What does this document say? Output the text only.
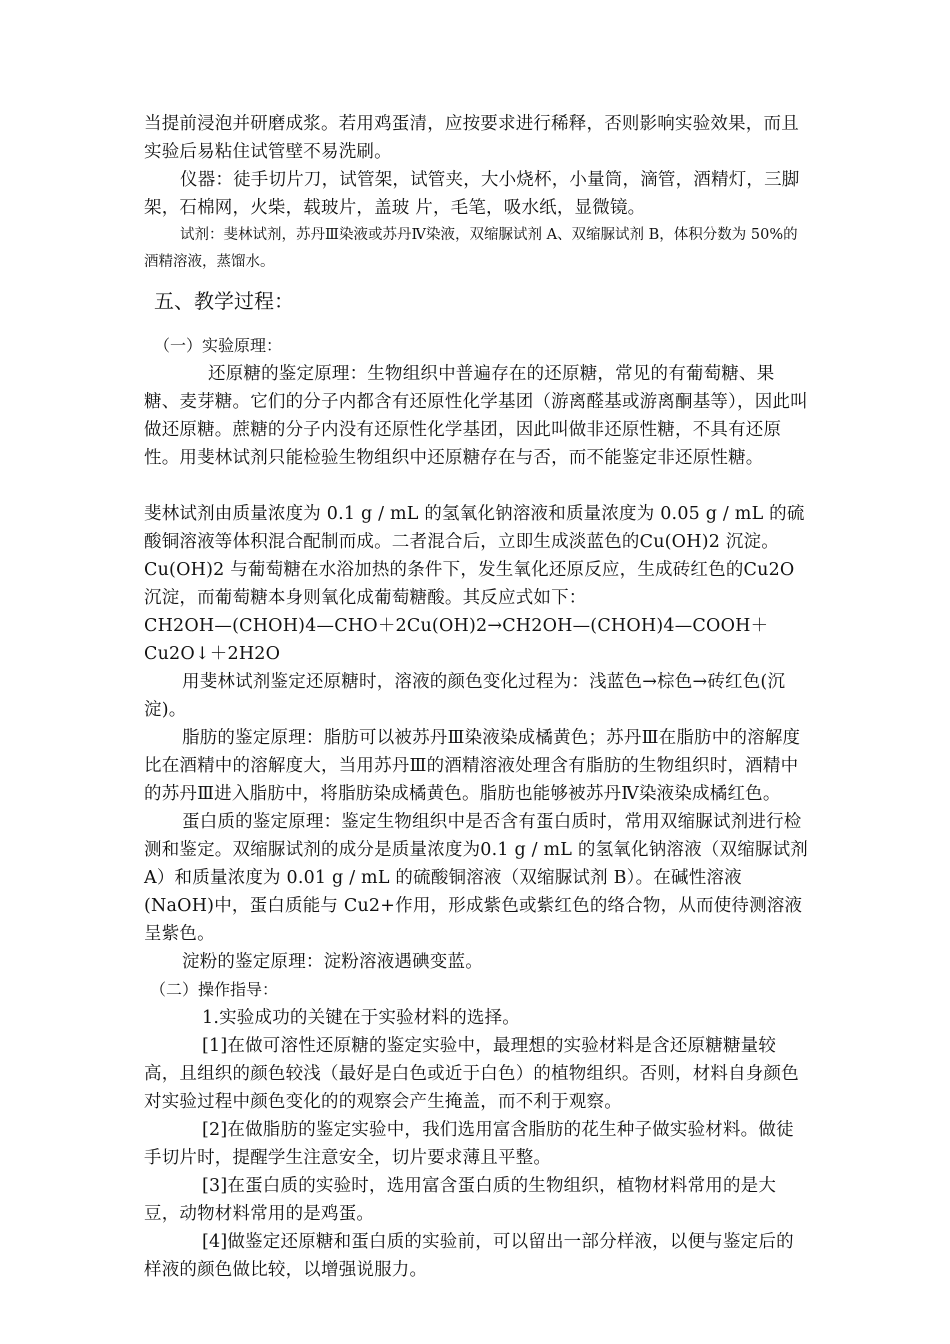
当提前浸泡并研磨成浆。若用鸡蛋清，应按要求进行稀释，否则影响实验效果，而且实验后易粘住试管壁不易洗刷。

仪器：徒手切片刀，试管架，试管夹，大小烧杯，小量筒，滴管，酒精灯，三脚架，石棉网，火柴，载玻片，盖玻 片，毛笔，吸水纸，显微镜。

试剂：斐林试剂，苏丹Ⅲ染液或苏丹Ⅳ染液，双缩脲试剂 A、双缩脲试剂 B，体积分数为 50%的酒精溶液，蒸馏水。

五、教学过程：

（一）实验原理：

还原糖的鉴定原理：生物组织中普遍存在的还原糖，常见的有葡萄糖、果糖、麦芽糖。它们的分子内都含有还原性化学基团（游离醛基或游离酮基等），因此叫做还原糖。蔗糖的分子内没有还原性化学基团，因此叫做非还原性糖，不具有还原性。用斐林试剂只能检验生物组织中还原糖存在与否，而不能鉴定非还原性糖。

斐林试剂由质量浓度为 0.1 g / mL 的氢氧化钠溶液和质量浓度为 0.05 g / mL 的硫酸铜溶液等体积混合配制而成。二者混合后，立即生成淡蓝色的Cu(OH)2 沉淀。Cu(OH)2 与葡萄糖在水浴加热的条件下，发生氧化还原反应，生成砖红色的Cu2O 沉淀，而葡萄糖本身则氧化成葡萄糖酸。其反应式如下：

CH2OH—(CHOH)4—CHO＋2Cu(OH)2→CH2OH—(CHOH)4—COOH＋Cu2O↓＋2H2O

用斐林试剂鉴定还原糖时，溶液的颜色变化过程为：浅蓝色→棕色→砖红色(沉淀)。

脂肪的鉴定原理：脂肪可以被苏丹Ⅲ染液染成橘黄色；苏丹Ⅲ在脂肪中的溶解度比在酒精中的溶解度大，当用苏丹Ⅲ的酒精溶液处理含有脂肪的生物组织时，酒精中的苏丹Ⅲ进入脂肪中，将脂肪染成橘黄色。脂肪也能够被苏丹Ⅳ染液染成橘红色。

蛋白质的鉴定原理：鉴定生物组织中是否含有蛋白质时，常用双缩脲试剂进行检测和鉴定。双缩脲试剂的成分是质量浓度为0.1 g / mL 的氢氧化钠溶液（双缩脲试剂 A）和质量浓度为 0.01 g / mL 的硫酸铜溶液（双缩脲试剂 B）。在碱性溶液(NaOH)中，蛋白质能与 Cu2+作用，形成紫色或紫红色的络合物，从而使待测溶液呈紫色。

淀粉的鉴定原理：淀粉溶液遇碘变蓝。

（二）操作指导：

1.实验成功的关键在于实验材料的选择。

[1]在做可溶性还原糖的鉴定实验中，最理想的实验材料是含还原糖糖量较高，且组织的颜色较浅（最好是白色或近于白色）的植物组织。否则，材料自身颜色对实验过程中颜色变化的的观察会产生掩盖，而不利于观察。

[2]在做脂肪的鉴定实验中，我们选用富含脂肪的花生种子做实验材料。做徒手切片时，提醒学生注意安全，切片要求薄且平整。

[3]在蛋白质的实验时，选用富含蛋白质的生物组织，植物材料常用的是大豆，动物材料常用的是鸡蛋。

[4]做鉴定还原糖和蛋白质的实验前，可以留出一部分样液，以便与鉴定后的样液的颜色做比较，以增强说服力。
